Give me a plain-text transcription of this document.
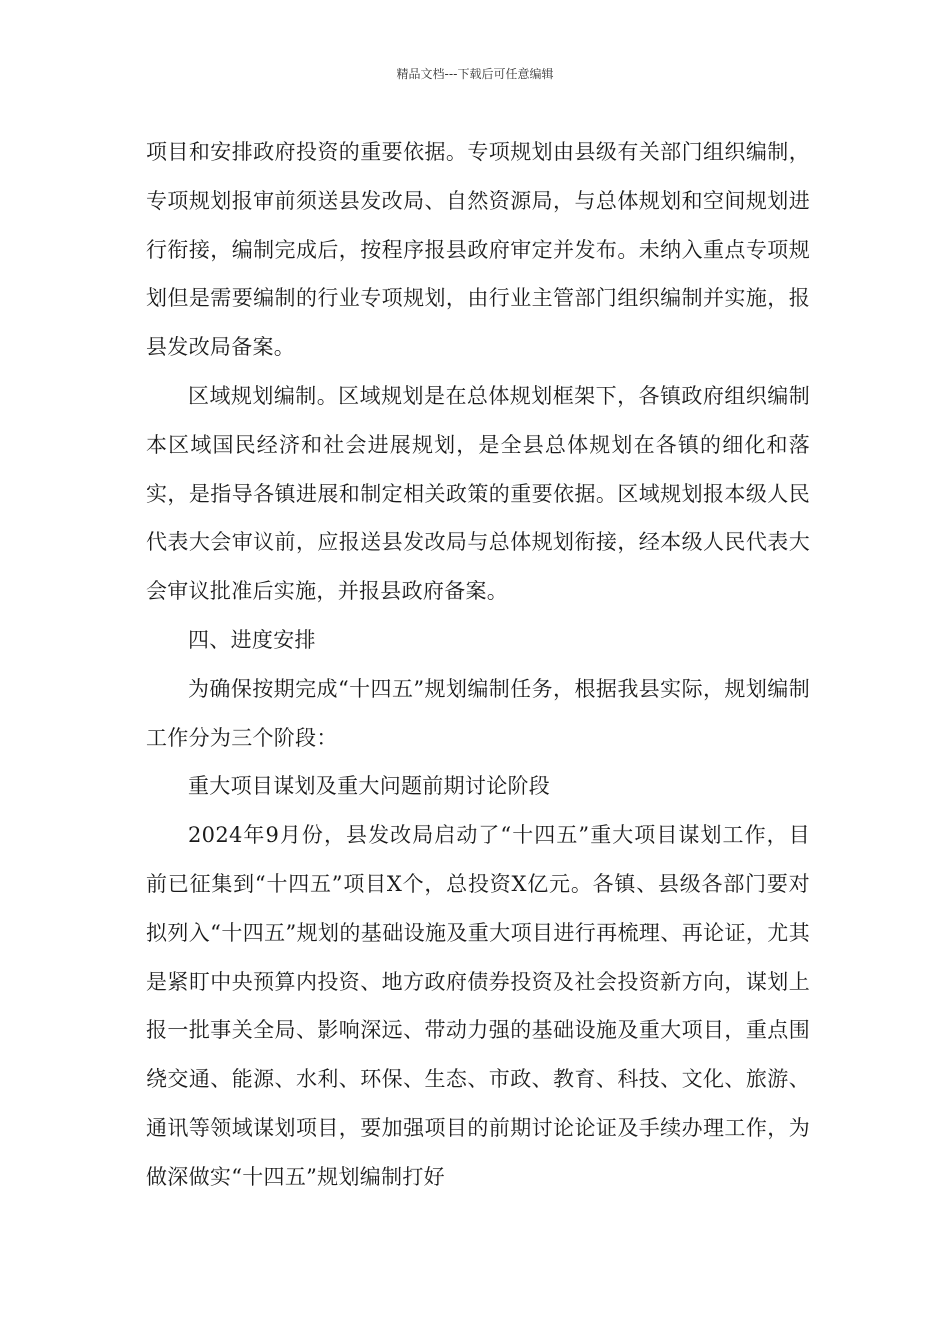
精品文档---下载后可任意编辑

项目和安排政府投资的重要依据。专项规划由县级有关部门组织编制，专项规划报审前须送县发改局、自然资源局，与总体规划和空间规划进行衔接，编制完成后，按程序报县政府审定并发布。未纳入重点专项规划但是需要编制的行业专项规划，由行业主管部门组织编制并实施，报县发改局备案。

区域规划编制。区域规划是在总体规划框架下，各镇政府组织编制本区域国民经济和社会进展规划，是全县总体规划在各镇的细化和落实，是指导各镇进展和制定相关政策的重要依据。区域规划报本级人民代表大会审议前，应报送县发改局与总体规划衔接，经本级人民代表大会审议批准后实施，并报县政府备案。

四、进度安排

为确保按期完成“十四五”规划编制任务，根据我县实际，规划编制工作分为三个阶段：

重大项目谋划及重大问题前期讨论阶段

2024年9月份，县发改局启动了“十四五”重大项目谋划工作，目前已征集到“十四五”项目X个，总投资X亿元。各镇、县级各部门要对拟列入“十四五”规划的基础设施及重大项目进行再梳理、再论证，尤其是紧盯中央预算内投资、地方政府债券投资及社会投资新方向，谋划上报一批事关全局、影响深远、带动力强的基础设施及重大项目，重点围绕交通、能源、水利、环保、生态、市政、教育、科技、文化、旅游、通讯等领域谋划项目，要加强项目的前期讨论论证及手续办理工作，为做深做实“十四五”规划编制打好
